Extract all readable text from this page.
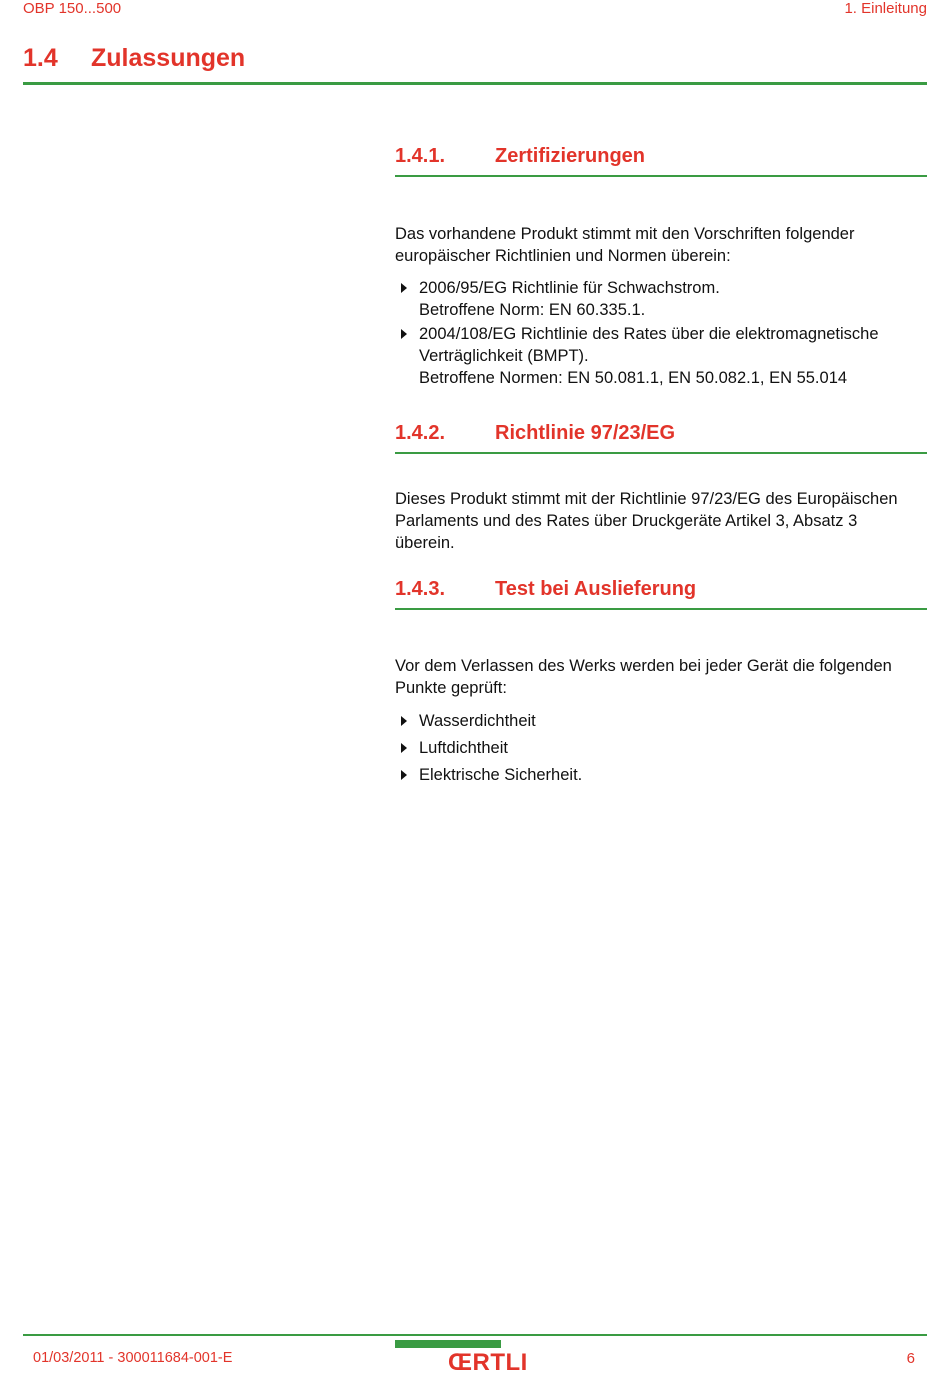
OBP 150...500	1. Einleitung
1.4 Zulassungen
1.4.1. Zertifizierungen
Das vorhandene Produkt stimmt mit den Vorschriften folgender
europäischer Richtlinien und Normen überein:
2006/95/EG Richtlinie für Schwachstrom.
Betroffene Norm: EN 60.335.1.
2004/108/EG Richtlinie des Rates über die elektromagnetische
Verträglichkeit (BMPT).
Betroffene Normen: EN 50.081.1, EN 50.082.1, EN 55.014
1.4.2. Richtlinie 97/23/EG
Dieses Produkt stimmt mit der Richtlinie 97/23/EG des Europäischen
Parlaments und des Rates über Druckgeräte Artikel 3, Absatz 3
überein.
1.4.3. Test bei Auslieferung
Vor dem Verlassen des Werks werden bei jeder Gerät die folgenden
Punkte geprüft:
Wasserdichtheit
Luftdichtheit
Elektrische Sicherheit.
01/03/2011 - 300011684-001-E	ŒRTLI	6
